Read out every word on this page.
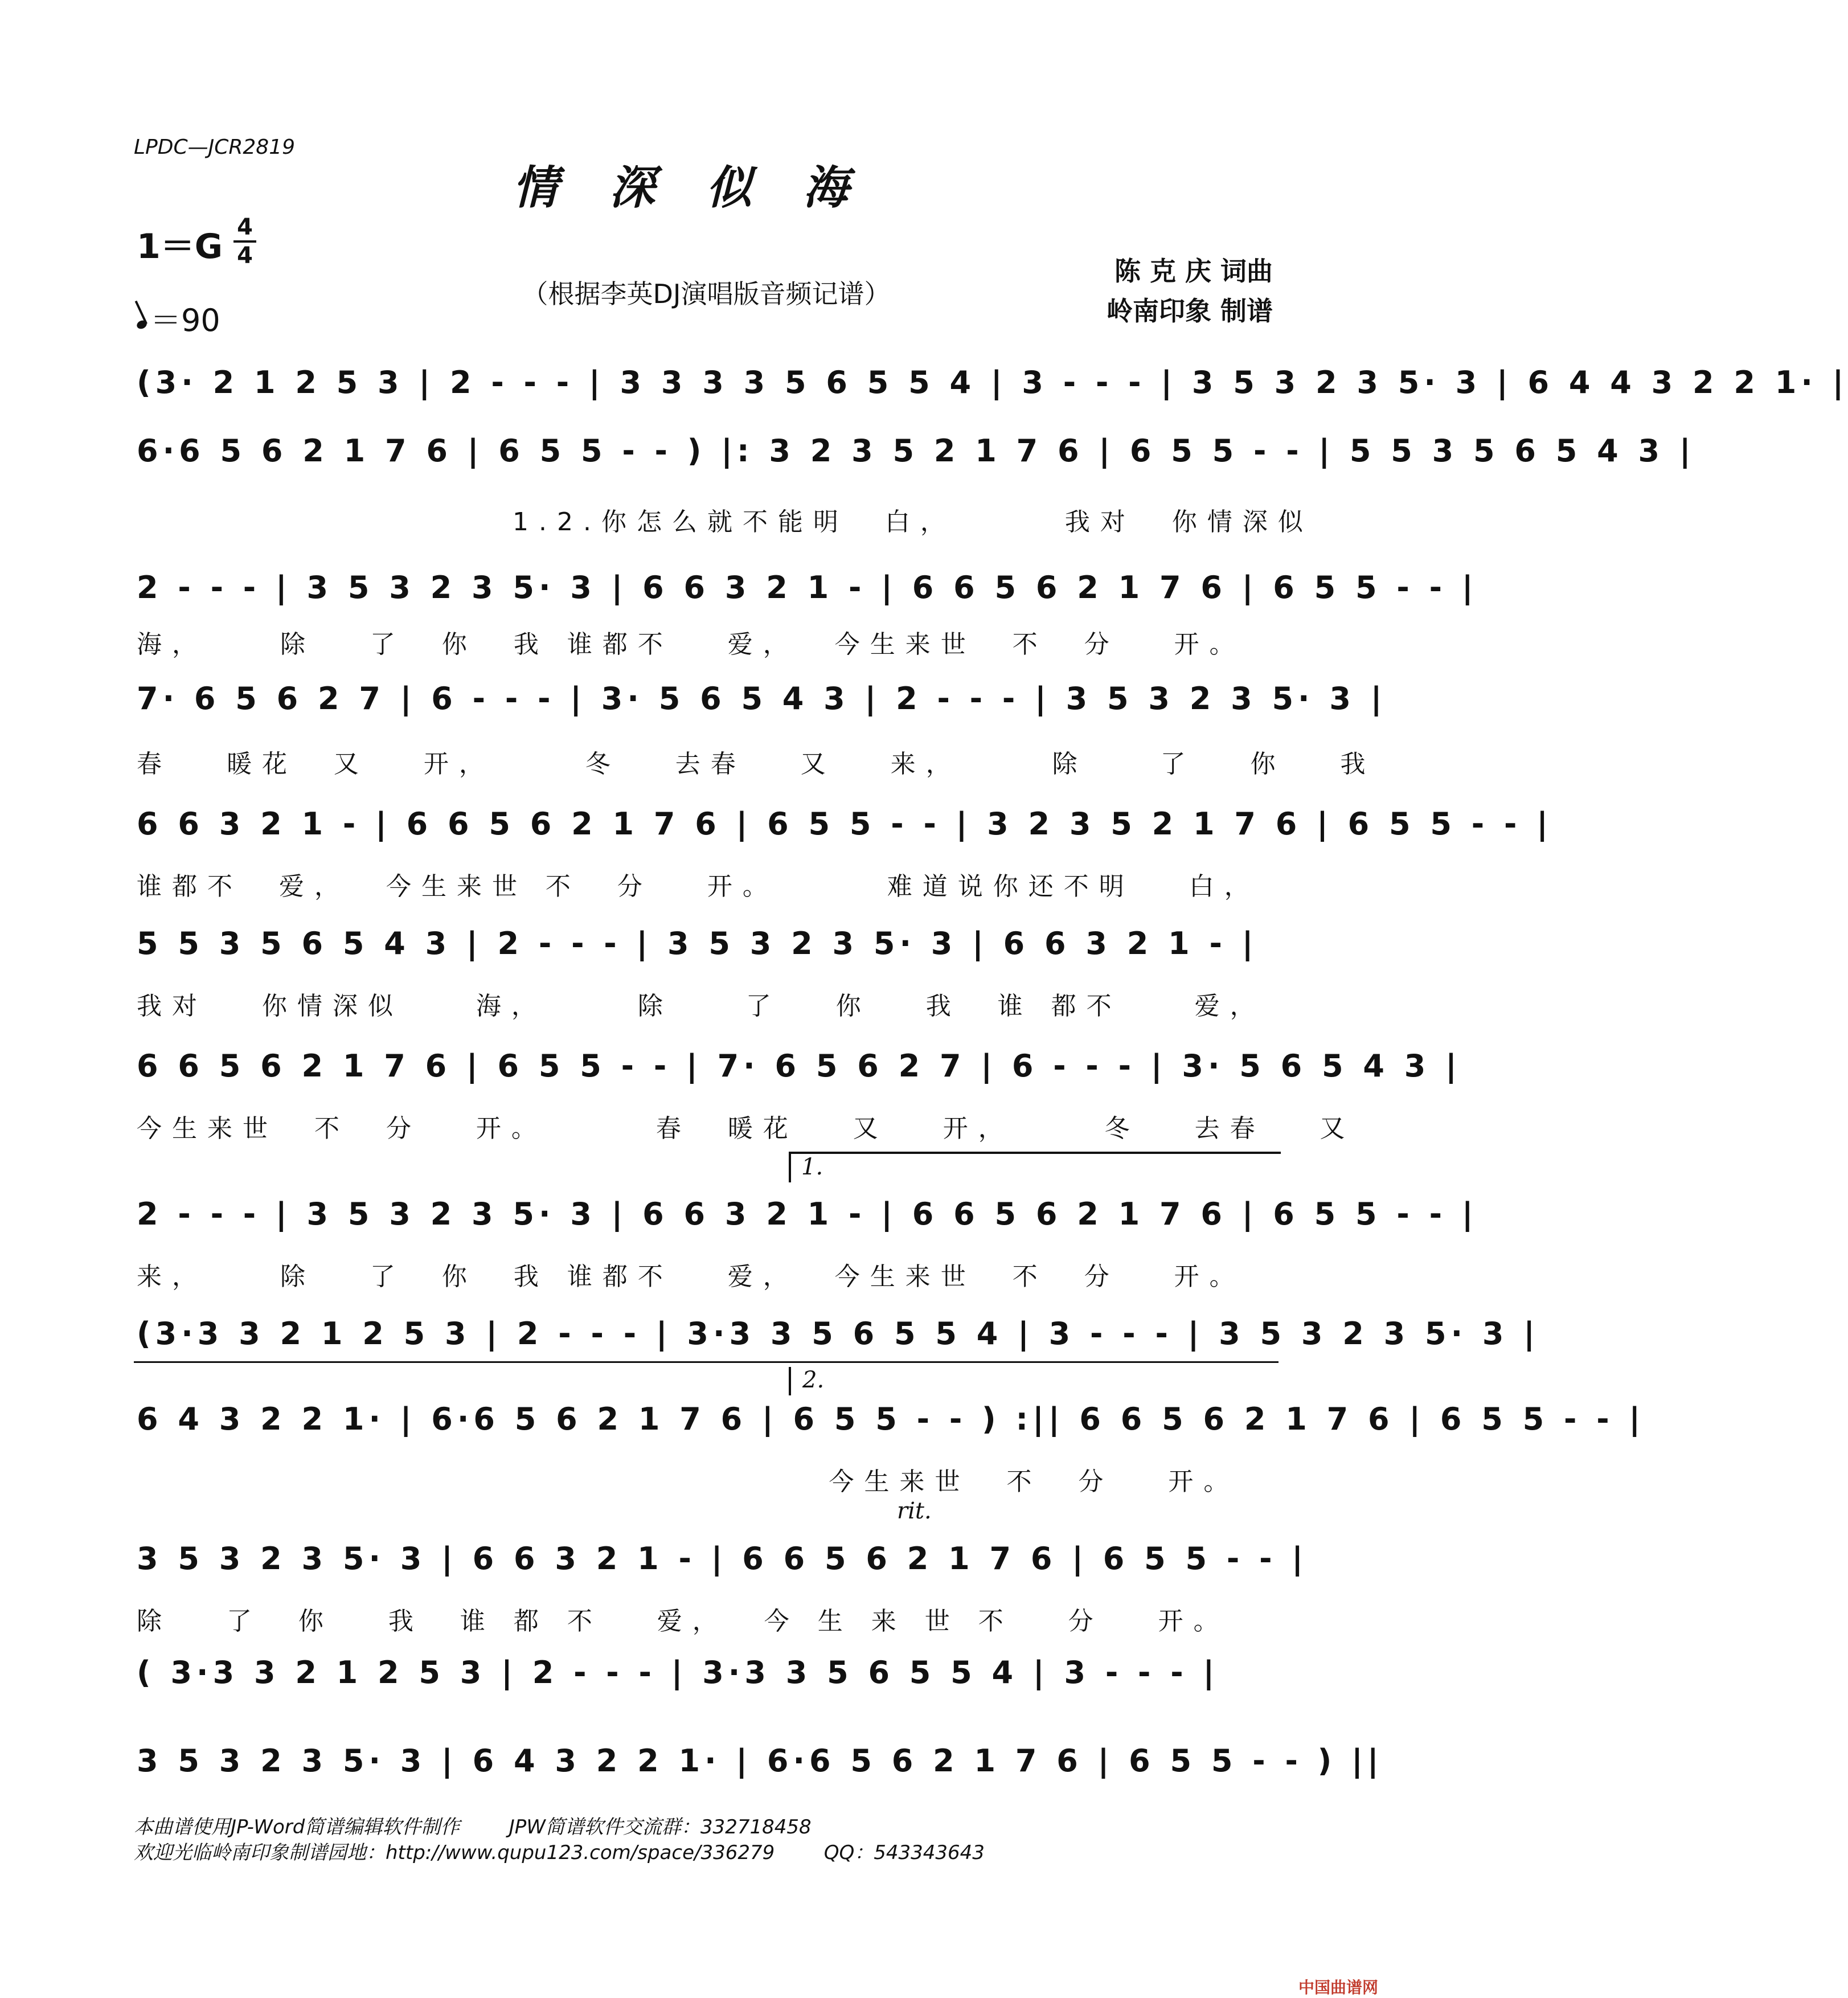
LPDC—JCR2819
情深似海
1＝G 4
4
＝90
（根据李英DJ演唱版音频记谱）
陈 克 庆 词曲
岭南印象 制谱
(3· 2 1 2 5 3 | 2 - - - | 3 3 3 3 5 6 5 5 4 | 3 - - - | 3 5 3 2 3 5· 3 | 6 4 4 3 2 2 1· |
6·6 5 6 2 1 7 6 | 6 5 5 - - ) |: 3 2 3 5 2 1 7 6 | 6 5 5 - - | 5 5 3 5 6 5 4 3 |
1.2.你怎么就不能明  白，      我对  你情深似
2 - - - | 3 5 3 2 3 5· 3 | 6 6 3 2 1 - | 6 6 5 6 2 1 7 6 | 6 5 5 - - |
海，    除   了  你  我 谁都不   爱，  今生来世  不  分   开。
7· 6 5 6 2 7 | 6 - - - | 3· 5 6 5 4 3 | 2 - - - | 3 5 3 2 3 5· 3 |
春   暖花  又   开，     冬   去春   又   来，     除    了   你   我
6 6 3 2 1 - | 6 6 5 6 2 1 7 6 | 6 5 5 - - | 3 2 3 5 2 1 7 6 | 6 5 5 - - |
谁都不  爱，  今生来世 不  分   开。      难道说你还不明   白，
5 5 3 5 6 5 4 3 | 2 - - - | 3 5 3 2 3 5· 3 | 6 6 3 2 1 - |
我对   你情深似    海，     除    了   你   我  谁 都不    爱，
6 6 5 6 2 1 7 6 | 6 5 5 - - | 7· 6 5 6 2 7 | 6 - - - | 3· 5 6 5 4 3 |
今生来世  不  分   开。      春  暖花   又   开，     冬   去春   又
1.
2 - - - | 3 5 3 2 3 5· 3 | 6 6 3 2 1 - | 6 6 5 6 2 1 7 6 | 6 5 5 - - |
来，    除   了  你  我 谁都不   爱，  今生来世  不  分   开。
(3·3 3 2 1 2 5 3 | 2 - - - | 3·3 3 5 6 5 5 4 | 3 - - - | 3 5 3 2 3 5· 3 |
2.
6 4 3 2 2 1· | 6·6 5 6 2 1 7 6 | 6 5 5 - - ) :|| 6 6 5 6 2 1 7 6 | 6 5 5 - - |
今生来世  不  分   开。
rit.
3 5 3 2 3 5· 3 | 6 6 3 2 1 - | 6 6 5 6 2 1 7 6 | 6 5 5 - - |
除   了  你   我  谁 都 不   爱，  今 生 来 世 不   分   开。
( 3·3 3 2 1 2 5 3 | 2 - - - | 3·3 3 5 6 5 5 4 | 3 - - - |
3 5 3 2 3 5· 3 | 6 4 3 2 2 1· | 6·6 5 6 2 1 7 6 | 6 5 5 - - ) ||
本曲谱使用JP-Word简谱编辑软件制作        JPW简谱软件交流群：332718458
欢迎光临岭南印象制谱园地：http://www.qupu123.com/space/336279        QQ：543343643
中国曲谱网
